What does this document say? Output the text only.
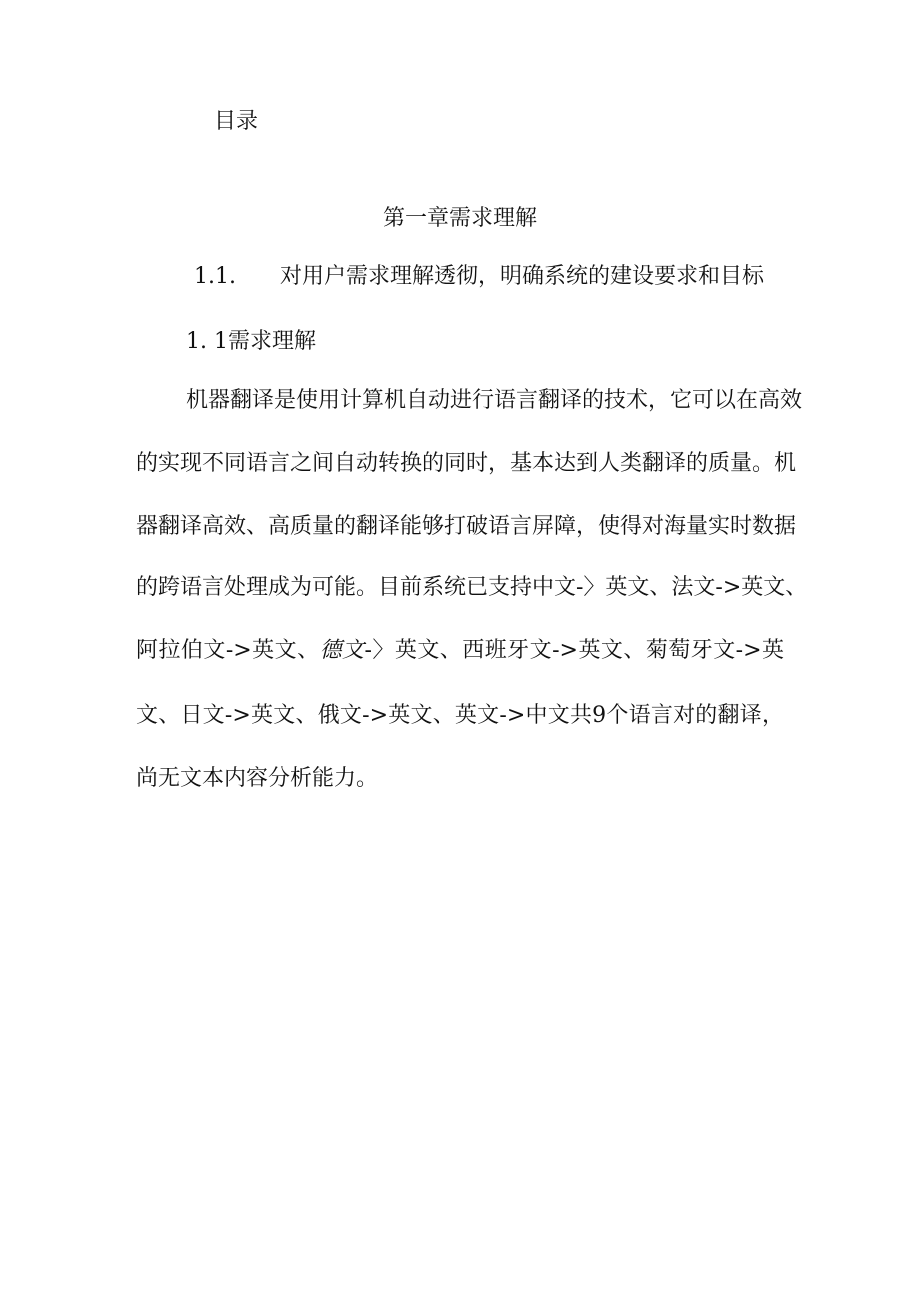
目录
第一章需求理解
1.1. 对用户需求理解透彻，明确系统的建设要求和目标
1. 1需求理解
机器翻译是使用计算机自动进行语言翻译的技术，它可以在高效
的实现不同语言之间自动转换的同时，基本达到人类翻译的质量。机
器翻译高效、高质量的翻译能够打破语言屏障，使得对海量实时数据
的跨语言处理成为可能。目前系统已支持中文-〉英文、法文->英文、
阿拉伯文->英文、德文-〉英文、西班牙文->英文、菊萄牙文->英
文、日文->英文、俄文->英文、英文->中文共9个语言对的翻译，
尚无文本内容分析能力。
